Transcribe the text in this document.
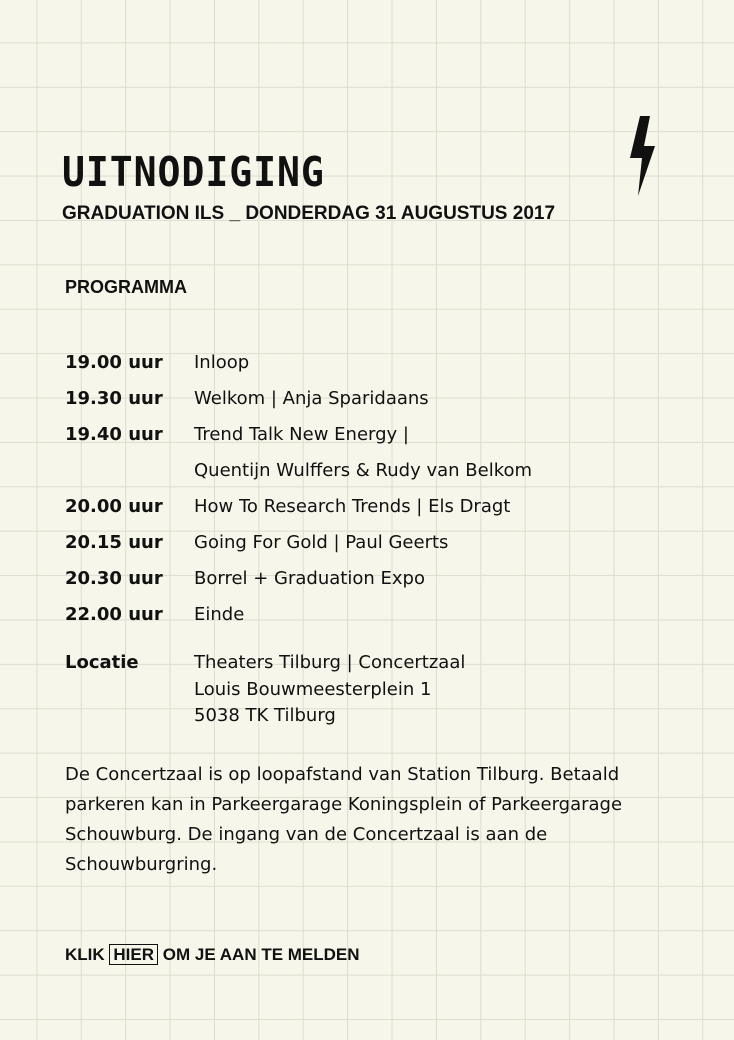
UITNODIGING
GRADUATION ILS _ DONDERDAG 31 AUGUSTUS 2017
PROGRAMMA
19.00 uur	Inloop
19.30 uur	Welkom | Anja Sparidaans
19.40 uur	Trend Talk New Energy |
Quentijn Wulffers & Rudy van Belkom
20.00 uur	How To Research Trends | Els Dragt
20.15 uur	Going For Gold | Paul Geerts
20.30 uur	Borrel + Graduation Expo
22.00 uur	Einde
Locatie	Theaters Tilburg | Concertzaal
Louis Bouwmeesterplein 1
5038 TK Tilburg

De Concertzaal is op loopafstand van Station Tilburg. Betaald parkeren kan in Parkeergarage Koningsplein of Parkeergarage Schouwburg. De ingang van de Concertzaal is aan de Schouwburgring.

KLIK HIER OM JE AAN TE MELDEN
